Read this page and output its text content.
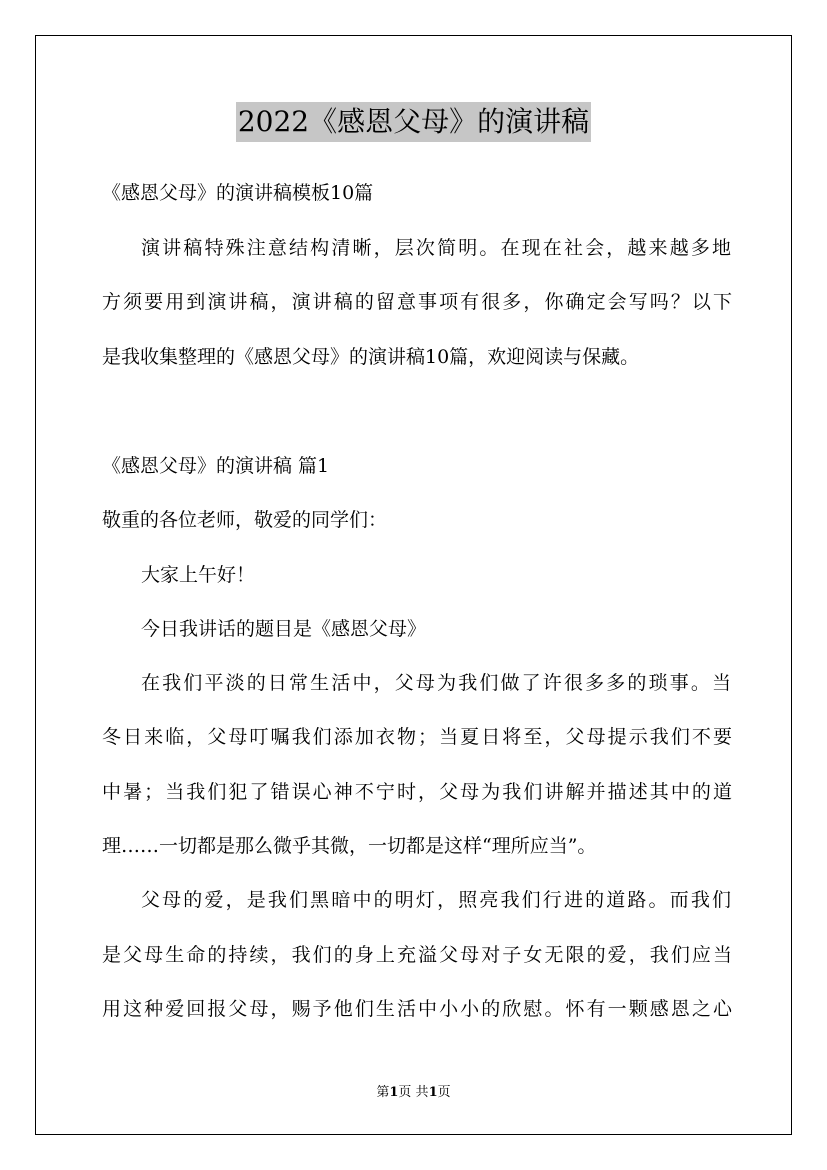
2022《感恩父母》的演讲稿
《感恩父母》的演讲稿模板10篇
演讲稿特殊注意结构清晰，层次简明。在现在社会，越来越多地
方须要用到演讲稿，演讲稿的留意事项有很多，你确定会写吗？以下
是我收集整理的《感恩父母》的演讲稿10篇，欢迎阅读与保藏。
《感恩父母》的演讲稿 篇1
敬重的各位老师，敬爱的同学们：
大家上午好！
今日我讲话的题目是《感恩父母》
在我们平淡的日常生活中，父母为我们做了许很多多的琐事。当
冬日来临，父母叮嘱我们添加衣物；当夏日将至，父母提示我们不要
中暑；当我们犯了错误心神不宁时，父母为我们讲解并描述其中的道
理……一切都是那么微乎其微，一切都是这样“理所应当”。
父母的爱，是我们黑暗中的明灯，照亮我们行进的道路。而我们
是父母生命的持续，我们的身上充溢父母对子女无限的爱，我们应当
用这种爱回报父母，赐予他们生活中小小的欣慰。怀有一颗感恩之心
第1页 共1页
